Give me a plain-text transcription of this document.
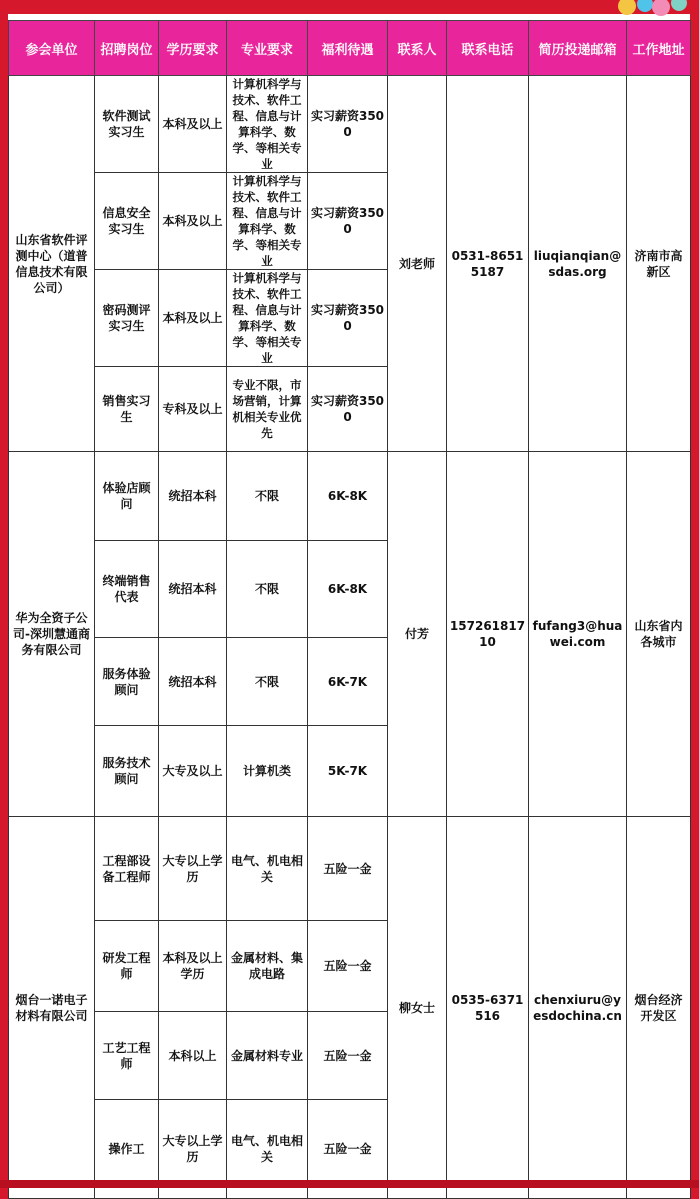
参会单位	招聘岗位	学历要求	专业要求	福利待遇	联系人	联系电话	简历投递邮箱	工作地址
山东省软件评测中心（道普信息技术有限公司）	软件测试实习生	本科及以上	计算机科学与技术、软件工程、信息与计算科学、数学、等相关专业	实习薪资3500	刘老师	0531-86515187	liuqianqian@sdas.org	济南市高新区
	信息安全实习生	本科及以上	计算机科学与技术、软件工程、信息与计算科学、数学、等相关专业	实习薪资3500				
	密码测评实习生	本科及以上	计算机科学与技术、软件工程、信息与计算科学、数学、等相关专业	实习薪资3500				
	销售实习生	专科及以上	专业不限，市场营销，计算机相关专业优先	实习薪资3500				
华为全资子公司-深圳慧通商务有限公司	体验店顾问	统招本科	不限	6K-8K	付芳	15726181710	fufang3@huawei.com	山东省内各城市
	终端销售代表	统招本科	不限	6K-8K				
	服务体验顾问	统招本科	不限	6K-7K				
	服务技术顾问	大专及以上	计算机类	5K-7K				
烟台一诺电子材料有限公司	工程部设备工程师	大专以上学历	电气、机电相关	五险一金	柳女士	0535-6371516	chenxiuru@yesdochina.cn	烟台经济开发区
	研发工程师	本科及以上学历	金属材料、集成电路	五险一金				
	工艺工程师	本科以上	金属材料专业	五险一金				
	操作工	大专以上学历	电气、机电相关	五险一金				
